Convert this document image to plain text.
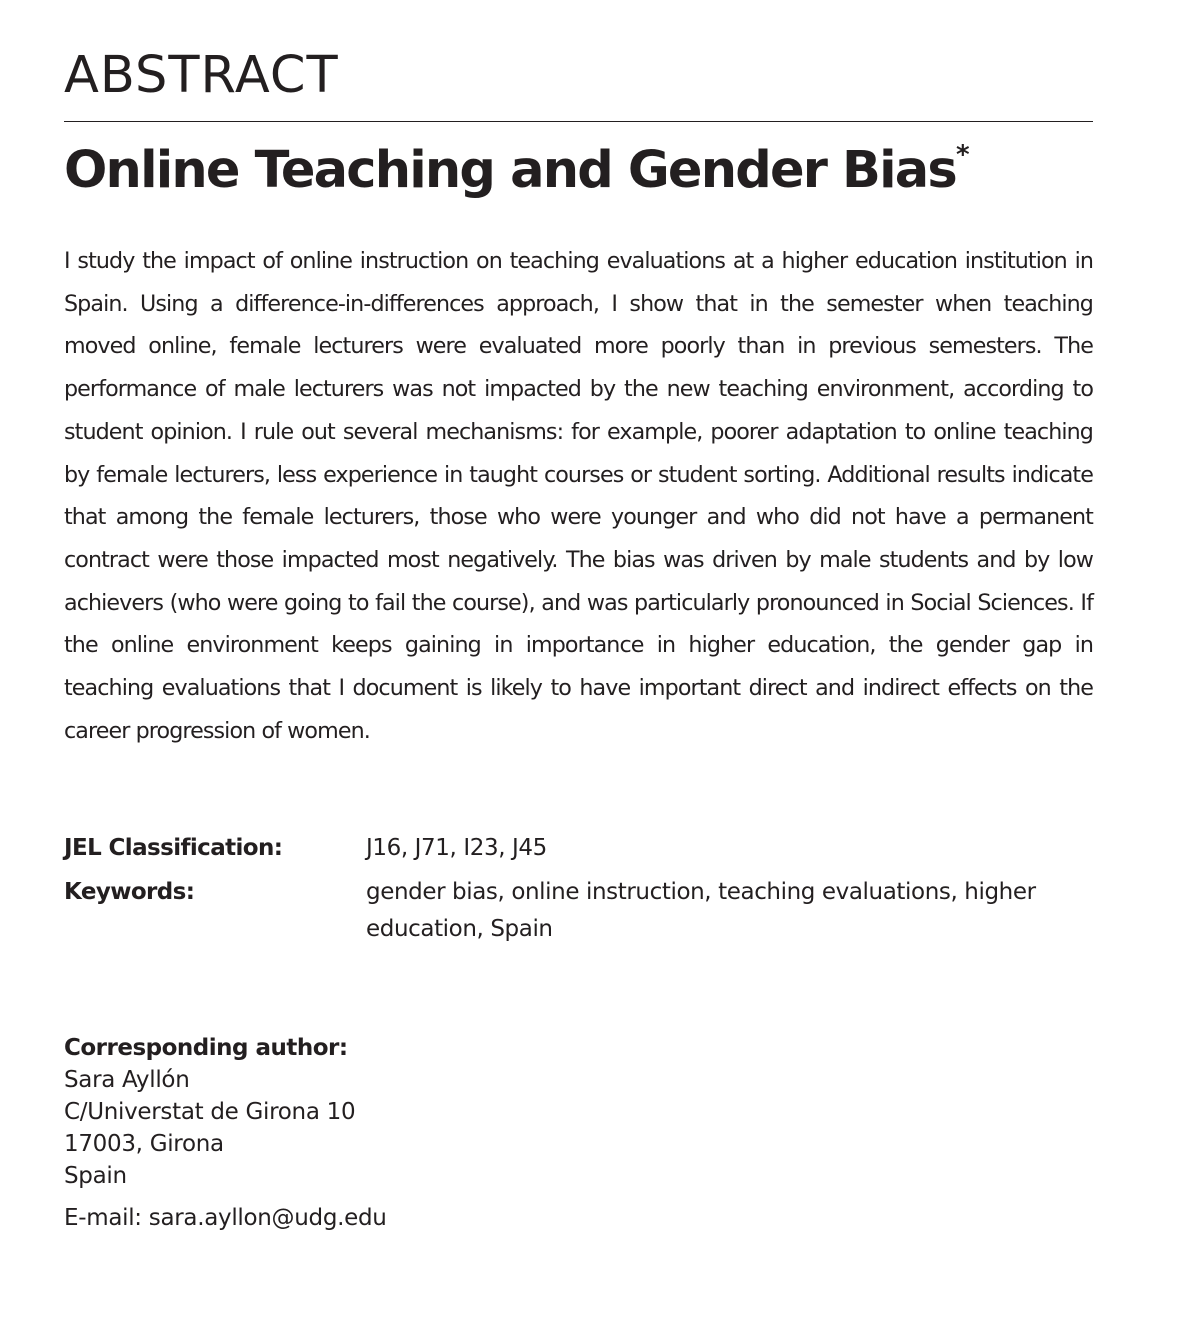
ABSTRACT
Online Teaching and Gender Bias*

I study the impact of online instruction on teaching evaluations at a higher education institution in Spain. Using a difference-in-differences approach, I show that in the semester when teaching moved online, female lecturers were evaluated more poorly than in previous semesters. The performance of male lecturers was not impacted by the new teaching environment, according to student opinion. I rule out several mechanisms: for example, poorer adaptation to online teaching by female lecturers, less experience in taught courses or student sorting. Additional results indicate that among the female lecturers, those who were younger and who did not have a permanent contract were those impacted most negatively. The bias was driven by male students and by low achievers (who were going to fail the course), and was particularly pronounced in Social Sciences. If the online environment keeps gaining in importance in higher education, the gender gap in teaching evaluations that I document is likely to have important direct and indirect effects on the career progression of women.

JEL Classification:	J16, J71, I23, J45
Keywords:	gender bias, online instruction, teaching evaluations, higher education, Spain
Corresponding author:
Sara Ayllón
C/Universtat de Girona 10
17003, Girona
Spain
E-mail: sara.ayllon@udg.edu
